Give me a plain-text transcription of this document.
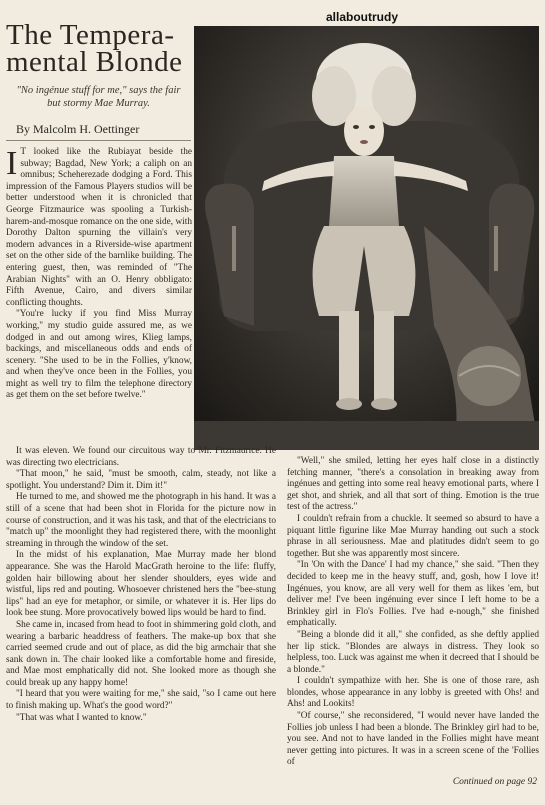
allaboutrudy
The Tempera-
mental Blonde
"No ingénue stuff for me," says the fair but stormy Mae Murray.
By Malcolm H. Oettinger
I T looked like the Rubiayat beside the subway; Bagdad, New York; a caliph on an omnibus; Scheherezade dodging a Ford. This impression of the Famous Players studios will be better understood when it is chronicled that George Fitzmaurice was spooling a Turkish-harem-and-mosque romance on the one side, with Dorothy Dalton spurning the villain's very modern advances in a Riverside-wise apartment set on the other side of the barnlike building. The entering guest, then, was reminded of "The Arabian Nights" with an O. Henry obbligato: Fifth Avenue, Cairo, and divers similar conflicting thoughts.

"You're lucky if you find Miss Murray working," my studio guide assured me, as we dodged in and out among wires, Klieg lamps, backings, and miscellaneous odds and ends of scenery. "She used to be in the Follies, y'know, and when they've once been in the Follies, you might as well try to film the telephone directory as get them on the set before twelve."

It was eleven. We found our circuitous way to Mr. Fitzmaurice. He was directing two electricians.

"That moon," he said, "must be smooth, calm, steady, not like a spotlight. You understand? Dim it. Dim it!"

He turned to me, and showed me the photograph in his hand. It was a still of a scene that had been shot in Florida for the picture now in course of construction, and it was his task, and that of the electricians to "match up" the moonlight they had registered there, with the moonlight streaming in through the window of the set.

In the midst of his explanation, Mae Murray made her blond appearance. She was the Harold MacGrath heroine to the life: fluffy, golden hair billowing about her slender shoulders, eyes wide and wistful, lips red and pouting. Whosoever christened hers the "bee-stung lips" had an eye for metaphor, or simile, or whatever it is. Her lips do look bee stung. More provocatively bowed lips would be hard to find.

She came in, incased from head to foot in shimmering gold cloth, and wearing a barbaric headdress of feathers. The make-up box that she carried seemed crude and out of place, as did the big armchair that she sank down in. The chair looked like a comfortable home and fireside, and Mae most emphatically did not. She looked more as though she could break up any happy home!

"I heard that you were waiting for me," she said, "so I came out here to finish making up. What's the good word?"

"That was what I wanted to know."

"Well," she smiled, letting her eyes half close in a distinctly fetching manner, "there's a consolation in breaking away from ingénues and getting into some real heavy emotional parts, where I get shot, and shriek, and all that sort of thing. Emotion is the true test of the actress."

I couldn't refrain from a chuckle. It seemed so absurd to have a piquant little figurine like Mae Murray handing out such a stock phrase in all seriousness. Mae and platitudes didn't seem to go together. But she was apparently most sincere.

"In 'On with the Dance' I had my chance," she said. "Then they decided to keep me in the heavy stuff, and, gosh, how I love it! Ingénues, you know, are all very well for them as likes 'em, but deliver me! I've been ingénuing ever since I left home to be a Brinkley girl in Flo's Follies. I've had e-nough," she finished emphatically.

"Being a blonde did it all," she confided, as she deftly applied her lip stick. "Blondes are always in distress. They look so helpless, too. Luck was against me when it decreed that I should be a blonde."

I couldn't sympathize with her. She is one of those rare, ash blondes, whose appearance in any lobby is greeted with Ohs! and Ahs! and Lookits!

"Of course," she reconsidered, "I would never have landed the Follies job unless I had been a blonde. The Brinkley girl had to be, you see. And not to have landed in the Follies might have meant never getting into pictures. It was in a screen scene of the 'Follies of

Continued on page 92
